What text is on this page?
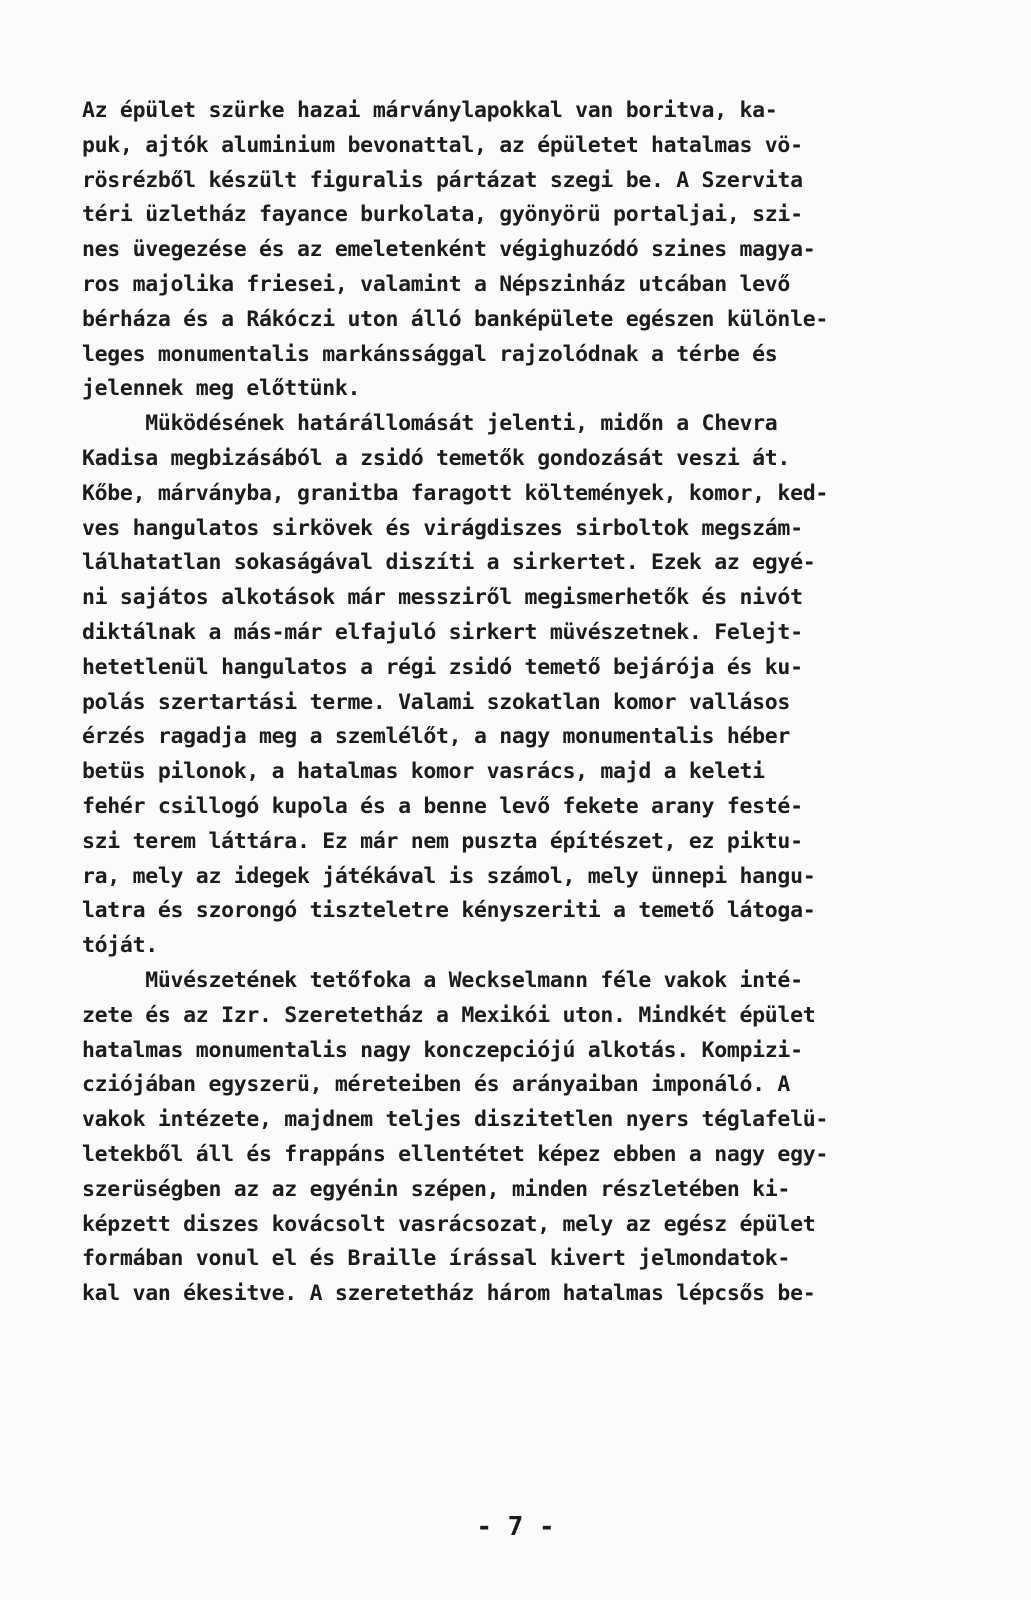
Az épület szürke hazai márványlapokkal van boritva, ka-
puk, ajtók aluminium bevonattal, az épületet hatalmas vö-
rösrézből készült figuralis pártázat szegi be. A Szervita
téri üzletház fayance burkolata, gyönyörü portaljai, szi-
nes üvegezése és az emeletenként végighuzódó szines magya-
ros majolika friesei, valamint a Népszinház utcában levő
bérháza és a Rákóczi uton álló banképülete egészen különle-
leges monumentalis markánssággal rajzolódnak a térbe és
jelennek meg előttünk.
Müködésének határállomását jelenti, midőn a Chevra
Kadisa megbizásából a zsidó temetők gondozását veszi át.
Kőbe, márványba, granitba faragott költemények, komor, ked-
ves hangulatos sirkövek és virágdiszes sirboltok megszám-
lálhatatlan sokaságával diszíti a sirkertet. Ezek az egyé-
ni sajátos alkotások már messziről megismerhetők és nivót
diktálnak a más-már elfajuló sirkert müvészetnek. Felejt-
hetetlenül hangulatos a régi zsidó temető bejárója és ku-
polás szertartási terme. Valami szokatlan komor vallásos
érzés ragadja meg a szemlélőt, a nagy monumentalis héber
betüs pilonok, a hatalmas komor vasrács, majd a keleti
fehér csillogó kupola és a benne levő fekete arany festé-
szi terem láttára. Ez már nem puszta építészet, ez piktu-
ra, mely az idegek játékával is számol, mely ünnepi hangu-
latra és szorongó tiszteletre kényszeriti a temető látoga-
tóját.
Müvészetének tetőfoka a Weckselmann féle vakok inté-
zete és az Izr. Szeretetház a Mexikói uton. Mindkét épület
hatalmas monumentalis nagy konczepciójú alkotás. Kompizi-
cziójában egyszerü, méreteiben és arányaiban imponáló. A
vakok intézete, majdnem teljes diszitetlen nyers téglafelü-
letekből áll és frappáns ellentétet képez ebben a nagy egy-
szerüségben az az egyénin szépen, minden részletében ki-
képzett diszes kovácsolt vasrácsozat, mely az egész épület
formában vonul el és Braille írással kivert jelmondatok-
kal van ékesitve. A szeretetház három hatalmas lépcsős be-
- 7 -
